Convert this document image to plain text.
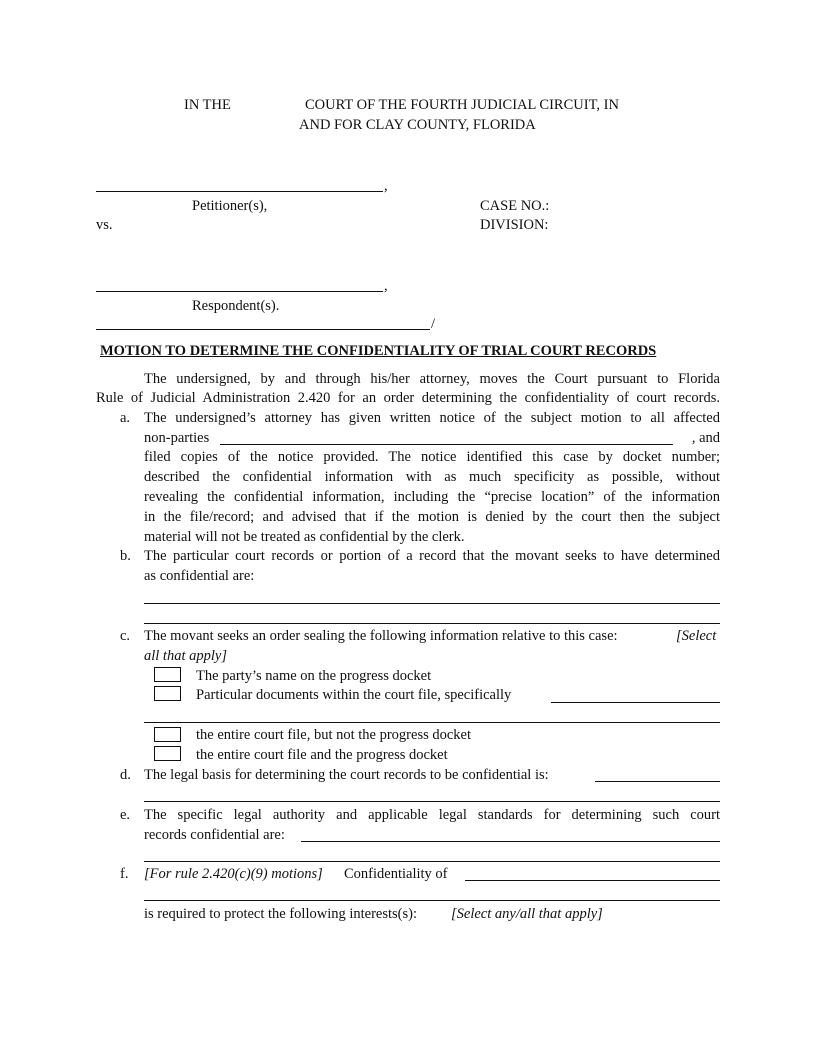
IN THE	COURT OF THE FOURTH JUDICIAL CIRCUIT, IN
AND FOR CLAY COUNTY, FLORIDA
,
Petitioner(s),	CASE NO.:
vs.	DIVISION:
,
Respondent(s).
/
MOTION TO DETERMINE THE CONFIDENTIALITY OF TRIAL COURT RECORDS
The undersigned, by and through his/her attorney, moves the Court pursuant to Florida
Rule of Judicial Administration 2.420 for an order determining the confidentiality of court records.
a. The undersigned’s attorney has given written notice of the subject motion to all affected
non-parties	, and
filed copies of the notice provided. The notice identified this case by docket number;
described the confidential information with as much specificity as possible, without
revealing the confidential information, including the “precise location” of the information
in the file/record; and advised that if the motion is denied by the court then the subject
material will not be treated as confidential by the clerk.
b. The particular court records or portion of a record that the movant seeks to have determined
as confidential are:
c. The movant seeks an order sealing the following information relative to this case:	[Select
all that apply]
The party’s name on the progress docket
Particular documents within the court file, specifically
the entire court file, but not the progress docket
the entire court file and the progress docket
d. The legal basis for determining the court records to be confidential is:
e. The specific legal authority and applicable legal standards for determining such court
records confidential are:
f. [For rule 2.420(c)(9) motions] Confidentiality of
is required to protect the following interests(s): [Select any/all that apply]
